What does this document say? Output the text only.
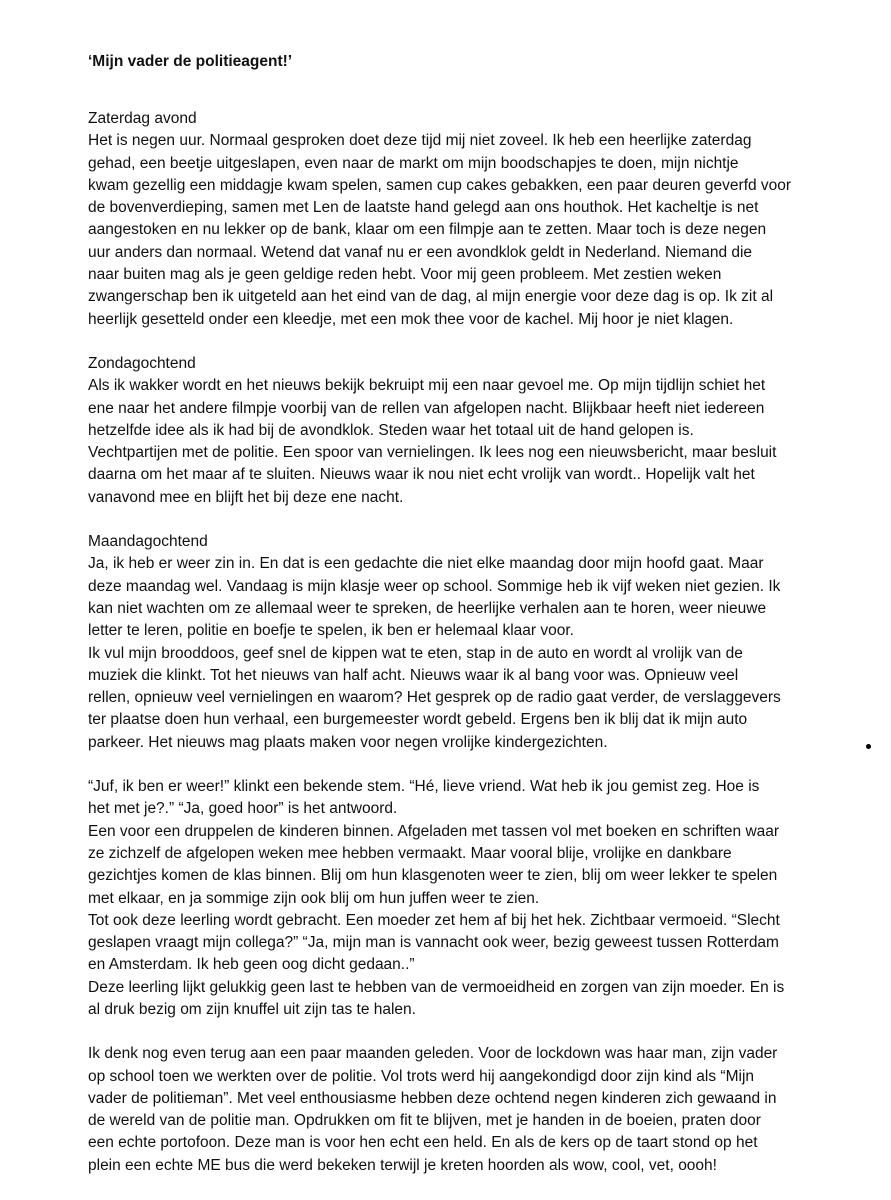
‘Mijn vader de politieagent!’
Zaterdag avond
Het is negen uur. Normaal gesproken doet deze tijd mij niet zoveel. Ik heb een heerlijke zaterdag
gehad, een beetje uitgeslapen, even naar de markt om mijn boodschapjes te doen, mijn nichtje
kwam gezellig een middagje kwam spelen, samen cup cakes gebakken, een paar deuren geverfd voor
de bovenverdieping, samen met Len de laatste hand gelegd aan ons houthok. Het kacheltje is net
aangestoken en nu lekker op de bank, klaar om een filmpje aan te zetten. Maar toch is deze negen
uur anders dan normaal. Wetend dat vanaf nu er een avondklok geldt in Nederland. Niemand die
naar buiten mag als je geen geldige reden hebt. Voor mij geen probleem. Met zestien weken
zwangerschap ben ik uitgeteld aan het eind van de dag, al mijn energie voor deze dag is op. Ik zit al
heerlijk gesetteld onder een kleedje, met een mok thee voor de kachel. Mij hoor je niet klagen.
Zondagochtend
Als ik wakker wordt en het nieuws bekijk bekruipt mij een naar gevoel me. Op mijn tijdlijn schiet het
ene naar het andere filmpje voorbij van de rellen van afgelopen nacht. Blijkbaar heeft niet iedereen
hetzelfde idee als ik had bij de avondklok. Steden waar het totaal uit de hand gelopen is.
Vechtpartijen met de politie. Een spoor van vernielingen. Ik lees nog een nieuwsbericht, maar besluit
daarna om het maar af te sluiten. Nieuws waar ik nou niet echt vrolijk van wordt.. Hopelijk valt het
vanavond mee en blijft het bij deze ene nacht.
Maandagochtend
Ja, ik heb er weer zin in. En dat is een gedachte die niet elke maandag door mijn hoofd gaat. Maar
deze maandag wel. Vandaag is mijn klasje weer op school. Sommige heb ik vijf weken niet gezien. Ik
kan niet wachten om ze allemaal weer te spreken, de heerlijke verhalen aan te horen, weer nieuwe
letter te leren, politie en boefje te spelen, ik ben er helemaal klaar voor.
Ik vul mijn brooddoos, geef snel de kippen wat te eten, stap in de auto en wordt al vrolijk van de
muziek die klinkt. Tot het nieuws van half acht. Nieuws waar ik al bang voor was. Opnieuw veel
rellen, opnieuw veel vernielingen en waarom? Het gesprek op de radio gaat verder, de verslaggevers
ter plaatse doen hun verhaal, een burgemeester wordt gebeld. Ergens ben ik blij dat ik mijn auto
parkeer. Het nieuws mag plaats maken voor negen vrolijke kindergezichten.
“Juf, ik ben er weer!” klinkt een bekende stem. “Hé, lieve vriend. Wat heb ik jou gemist zeg. Hoe is
het met je?.” “Ja, goed hoor” is het antwoord.
Een voor een druppelen de kinderen binnen. Afgeladen met tassen vol met boeken en schriften waar
ze zichzelf de afgelopen weken mee hebben vermaakt. Maar vooral blije, vrolijke en dankbare
gezichtjes komen de klas binnen. Blij om hun klasgenoten weer te zien, blij om weer lekker te spelen
met elkaar, en ja sommige zijn ook blij om hun juffen weer te zien.
Tot ook deze leerling wordt gebracht. Een moeder zet hem af bij het hek. Zichtbaar vermoeid. “Slecht
geslapen vraagt mijn collega?” “Ja, mijn man is vannacht ook weer, bezig geweest tussen Rotterdam
en Amsterdam. Ik heb geen oog dicht gedaan..”
Deze leerling lijkt gelukkig geen last te hebben van de vermoeidheid en zorgen van zijn moeder. En is
al druk bezig om zijn knuffel uit zijn tas te halen.
Ik denk nog even terug aan een paar maanden geleden. Voor de lockdown was haar man, zijn vader
op school toen we werkten over de politie. Vol trots werd hij aangekondigd door zijn kind als “Mijn
vader de politieman”. Met veel enthousiasme hebben deze ochtend negen kinderen zich gewaand in
de wereld van de politie man. Opdrukken om fit te blijven, met je handen in de boeien, praten door
een echte portofoon. Deze man is voor hen echt een held. En als de kers op de taart stond op het
plein een echte ME bus die werd bekeken terwijl je kreten hoorden als wow, cool, vet, oooh!
